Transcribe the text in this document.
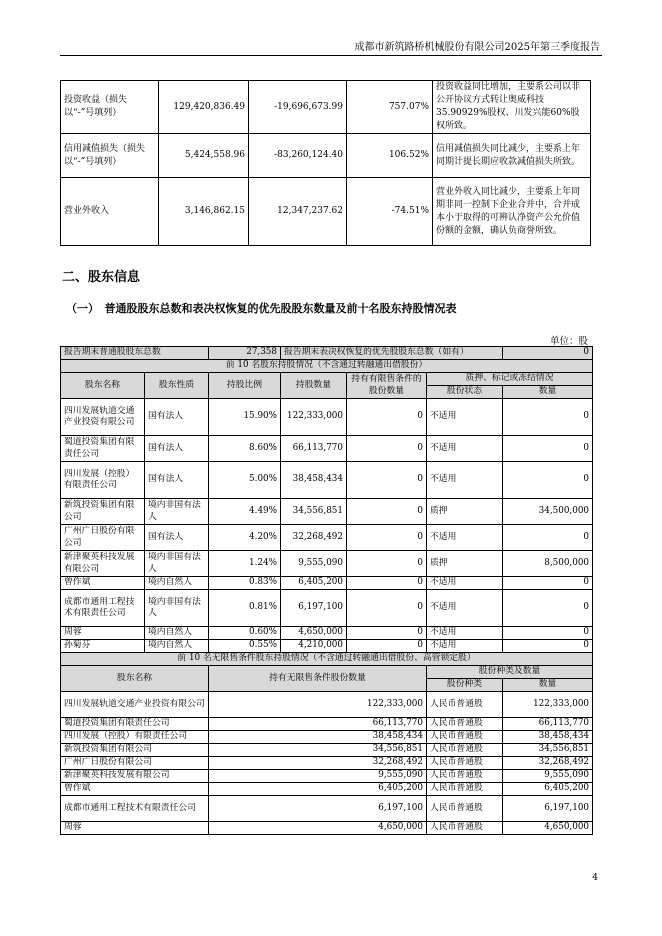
成都市新筑路桥机械股份有限公司2025年第三季度报告
投资收益（损失以“-”号填列）	129,420,836.49	-19,696,673.99	757.07%	投资收益同比增加，主要系公司以非公开协议方式转让奥威科技35.90929%股权、川发兴能60%股权所致。
信用减值损失（损失以“-”号填列）	5,424,558.96	-83,260,124.40	106.52%	信用减值损失同比减少，主要系上年同期计提长期应收款减值损失所致。
营业外收入	3,146,862.15	12,347,237.62	-74.51%	营业外收入同比减少，主要系上年同期非同一控制下企业合并中，合并成本小于取得的可辨认净资产公允价值份额的金额，确认负商誉所致。
二、股东信息
（一）　普通股股东总数和表决权恢复的优先股股东数量及前十名股东持股情况表
单位：股
报告期末普通股股东总数		27,358	报告期末表决权恢复的优先股股东总数（如有）			0
前 10 名股东持股情况（不含通过转融通出借股份）						
股东名称	股东性质	持股比例	持股数量	持有有限售条件的股份数量	质押、标记或冻结情况	
					股份状态	数量
四川发展轨道交通产业投资有限公司	国有法人	15.90%	122,333,000	0	不适用	0
蜀道投资集团有限责任公司	国有法人	8.60%	66,113,770	0	不适用	0
四川发展（控股）有限责任公司	国有法人	5.00%	38,458,434	0	不适用	0
新筑投资集团有限公司	境内非国有法人	4.49%	34,556,851	0	质押	34,500,000
广州广日股份有限公司	国有法人	4.20%	32,268,492	0	不适用	0
新津聚英科技发展有限公司	境内非国有法人	1.24%	9,555,090	0	质押	8,500,000
曾作斌	境内自然人	0.83%	6,405,200	0	不适用	0
成都市通用工程技术有限责任公司	境内非国有法人	0.81%	6,197,100	0	不适用	0
周蓉	境内自然人	0.60%	4,650,000	0	不适用	0
孙菊芬	境内自然人	0.55%	4,210,000	0	不适用	0
前 10 名无限售条件股东持股情况（不含通过转融通出借股份、高管锁定股）						
股东名称		持有无限售条件股份数量			股份种类及数量	
					股份种类	数量
四川发展轨道交通产业投资有限公司		122,333,000			人民币普通股	122,333,000
蜀道投资集团有限责任公司		66,113,770			人民币普通股	66,113,770
四川发展（控股）有限责任公司		38,458,434			人民币普通股	38,458,434
新筑投资集团有限公司		34,556,851			人民币普通股	34,556,851
广州广日股份有限公司		32,268,492			人民币普通股	32,268,492
新津聚英科技发展有限公司		9,555,090			人民币普通股	9,555,090
曾作斌		6,405,200			人民币普通股	6,405,200
成都市通用工程技术有限责任公司		6,197,100			人民币普通股	6,197,100
周蓉		4,650,000			人民币普通股	4,650,000
4
